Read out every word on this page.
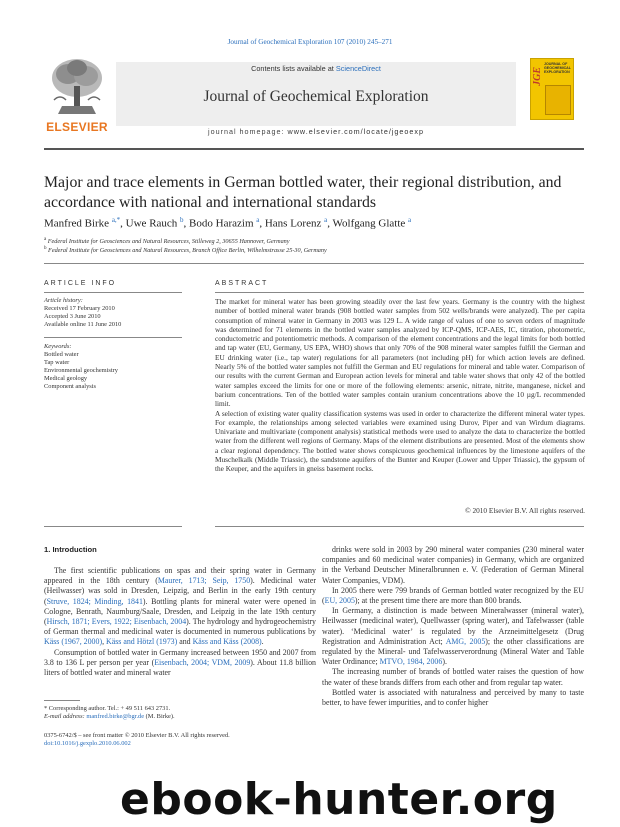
Journal of Geochemical Exploration 107 (2010) 245–271
ELSEVIER
Contents lists available at ScienceDirect
Journal of Geochemical Exploration
journal homepage: www.elsevier.com/locate/jgeoexp
JGE
JOURNAL OF GEOCHEMICAL EXPLORATION
Major and trace elements in German bottled water, their regional distribution, and accordance with national and international standards
Manfred Birke $^{a,*}$, Uwe Rauch $^b$, Bodo Harazim $^a$, Hans Lorenz $^a$, Wolfgang Glatte $^a$
$^a$ Federal Institute for Geosciences and Natural Resources, Stilleweg 2, 30655 Hannover, Germany
$^b$ Federal Institute for Geosciences and Natural Resources, Branch Office Berlin, Wilhelmstrasse 25-30, Germany
ARTICLE INFO
Article history:
Received 17 February 2010
Accepted 3 June 2010
Available online 11 June 2010
Keywords:
Bottled water
Tap water
Environmental geochemistry
Medical geology
Component analysis
ABSTRACT

The market for mineral water has been growing steadily over the last few years. Germany is the country with the highest number of bottled mineral water brands (908 bottled water samples from 502 wells/brands were analyzed). The per capita consumption of mineral water in Germany in 2003 was 129 L. A wide range of values of one to seven orders of magnitude was determined for 71 elements in the bottled water samples analyzed by ICP-QMS, ICP-AES, IC, titration, photometric, conductometric and potentiometric methods. A comparison of the element concentrations and the legal limits for both bottled and tap water (EU, Germany, US EPA, WHO) shows that only 70% of the 908 mineral water samples fulfill the German and EU drinking water (i.e., tap water) regulations for all parameters (not including pH) for which action levels are defined. Nearly 5% of the bottled water samples not fulfill the German and EU regulations for mineral and table water. Comparison of our results with the current German and European action levels for mineral and table water shows that only 42 of the bottled water samples exceed the limits for one or more of the following elements: arsenic, nitrate, nitrite, manganese, nickel and barium concentrations. Ten of the bottled water samples contain uranium concentrations above the 10 µg/L recommended limit.

A selection of existing water quality classification systems was used in order to characterize the different mineral water types. For example, the relationships among selected variables were examined using Durov, Piper and van Wirdum diagrams. Univariate and multivariate (component analysis) statistical methods were used to analyze the data to characterize the bottled water from the different well regions of Germany. Maps of the element distributions are presented. Most of the elements show a clear regional dependency. The bottled water shows conspicuous geochemical influences by the limestone aquifers of the Muschelkalk (Middle Triassic), the sandstone aquifers of the Bunter and Keuper (Lower and Upper Triassic), the gypsum of the Keuper, and the aquifers in gneiss basement rocks.

© 2010 Elsevier B.V. All rights reserved.
1. Introduction

The first scientific publications on spas and their spring water in Germany appeared in the 18th century (Maurer, 1713; Seip, 1750). Medicinal water (Heilwasser) was sold in Dresden, Leipzig, and Berlin in the early 19th century (Struve, 1824; Minding, 1841). Bottling plants for mineral water were opened in Cologne, Benrath, Naumburg/Saale, Dresden, and Leipzig in the late 19th century (Hirsch, 1871; Evers, 1922; Eisenbach, 2004). The hydrology and hydrogeochemistry of German thermal and medicinal water is documented in numerous publications by Käss (1967, 2000), Käss and Hötzl (1973) and Käss and Käss (2008).

Consumption of bottled water in Germany increased between 1950 and 2007 from 3.8 to 136 L per person per year (Eisenbach, 2004; VDM, 2009). About 11.8 billion liters of bottled water and mineral water

drinks were sold in 2003 by 290 mineral water companies (230 mineral water companies and 60 medicinal water companies) in Germany, which are organized in the Verband Deutscher Mineralbrunnen e. V. (Federation of German Mineral Water Companies, VDM).

In 2005 there were 799 brands of German bottled water recognized by the EU (EU, 2005); at the present time there are more than 800 brands.

In Germany, a distinction is made between Mineralwasser (mineral water), Heilwasser (medicinal water), Quellwasser (spring water), and Tafelwasser (table water). ‘Medicinal water’ is regulated by the Arzneimittelgesetz (Drug Registration and Administration Act; AMG, 2005); the other classifications are regulated by the Mineral- und Tafelwasserverordnung (Mineral Water and Table Water Ordinance; MTVO, 1984, 2006).

The increasing number of brands of bottled water raises the question of how the water of these brands differs from each other and from regular tap water.

Bottled water is associated with naturalness and perceived by many to taste better, to have fewer impurities, and to confer higher

* Corresponding author. Tel.: + 49 511 643 2731.
E-mail address: manfred.birke@bgr.de (M. Birke).
0375-6742/$ – see front matter © 2010 Elsevier B.V. All rights reserved.
doi:10.1016/j.gexplo.2010.06.002
ebook-hunter.org
